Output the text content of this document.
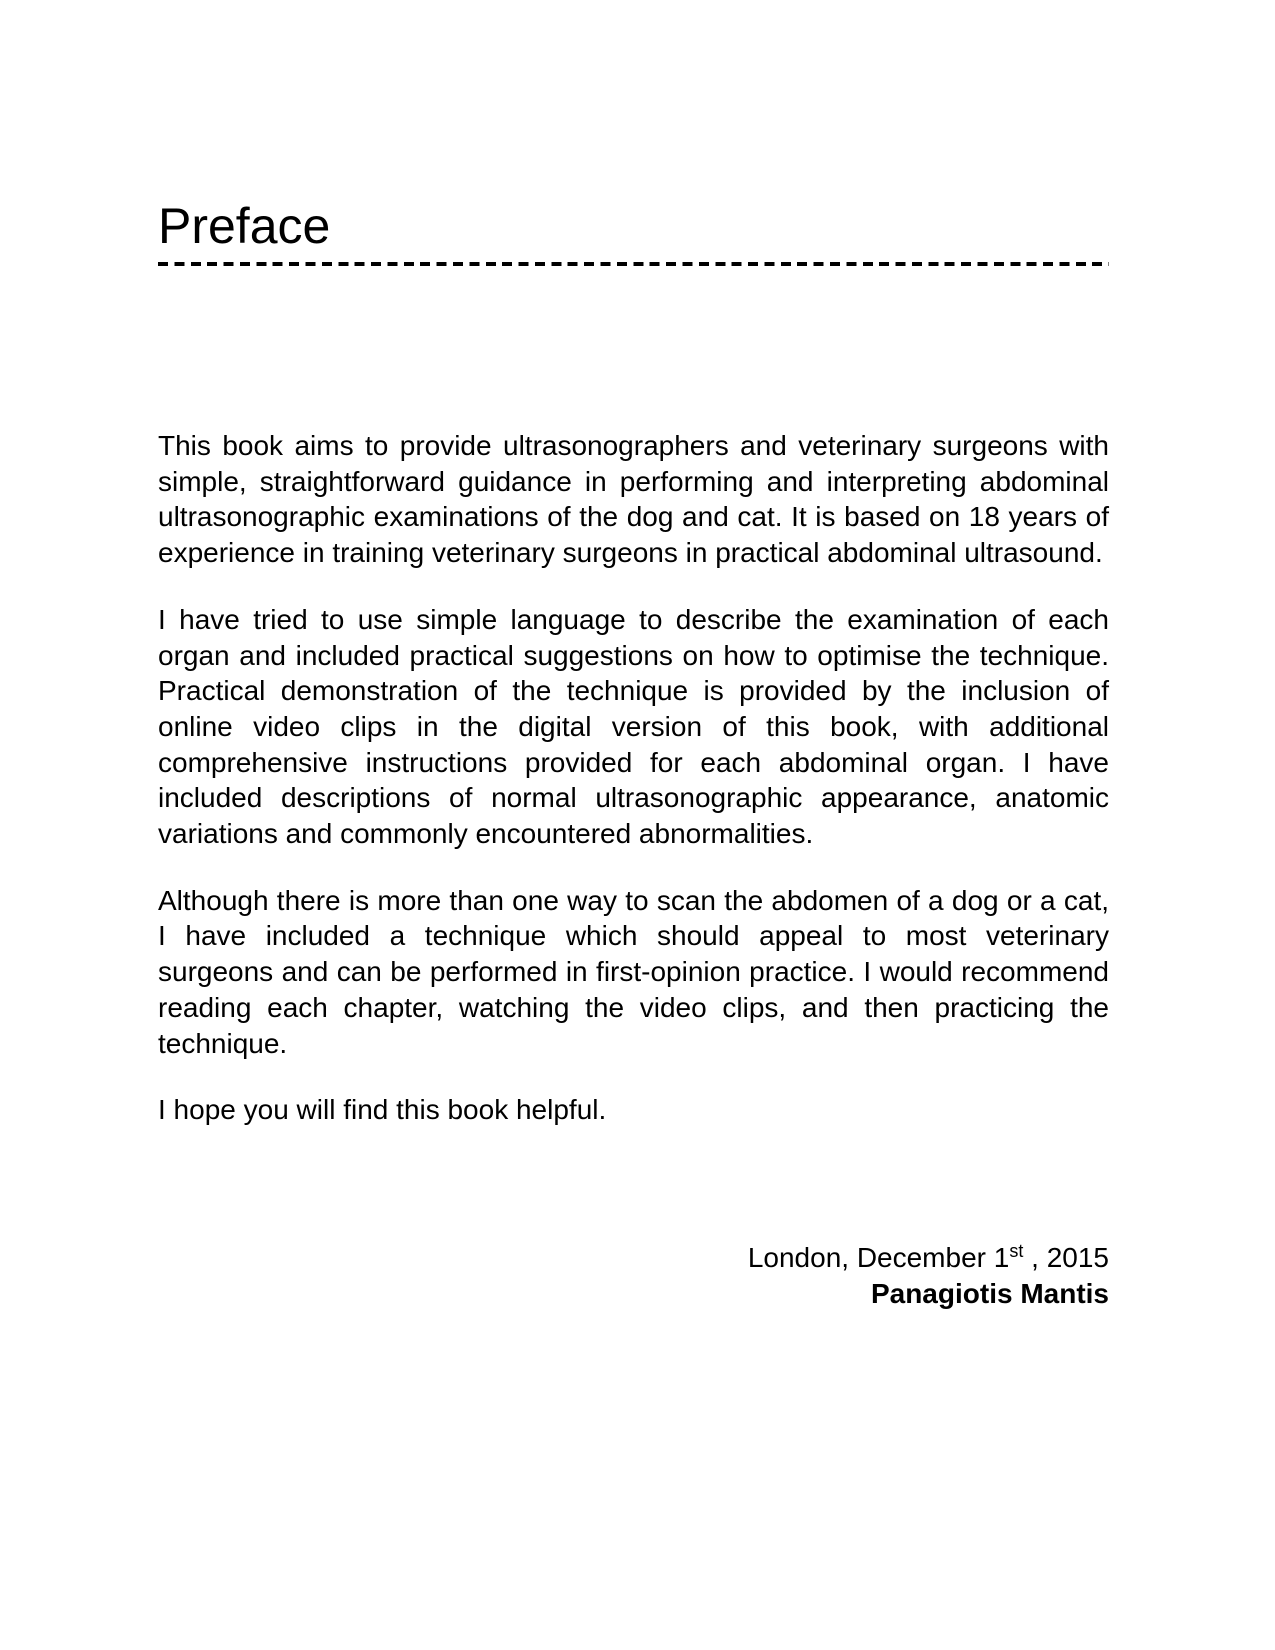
Preface

This book aims to provide ultrasonographers and veterinary surgeons with simple, straightforward guidance in performing and interpreting abdominal ultrasonographic examinations of the dog and cat. It is based on 18 years of experience in training veterinary surgeons in practical abdominal ultrasound.

I have tried to use simple language to describe the examination of each organ and included practical suggestions on how to optimise the technique. Practical demonstration of the technique is provided by the inclusion of online video clips in the digital version of this book, with additional comprehensive instructions provided for each abdominal organ. I have included descriptions of normal ultrasonographic appearance, anatomic variations and commonly encountered abnormalities.

Although there is more than one way to scan the abdomen of a dog or a cat, I have included a technique which should appeal to most veterinary surgeons and can be performed in first-opinion practice. I would recommend reading each chapter, watching the video clips, and then practicing the technique.

I hope you will find this book helpful.

London, December 1st , 2015
Panagiotis Mantis
